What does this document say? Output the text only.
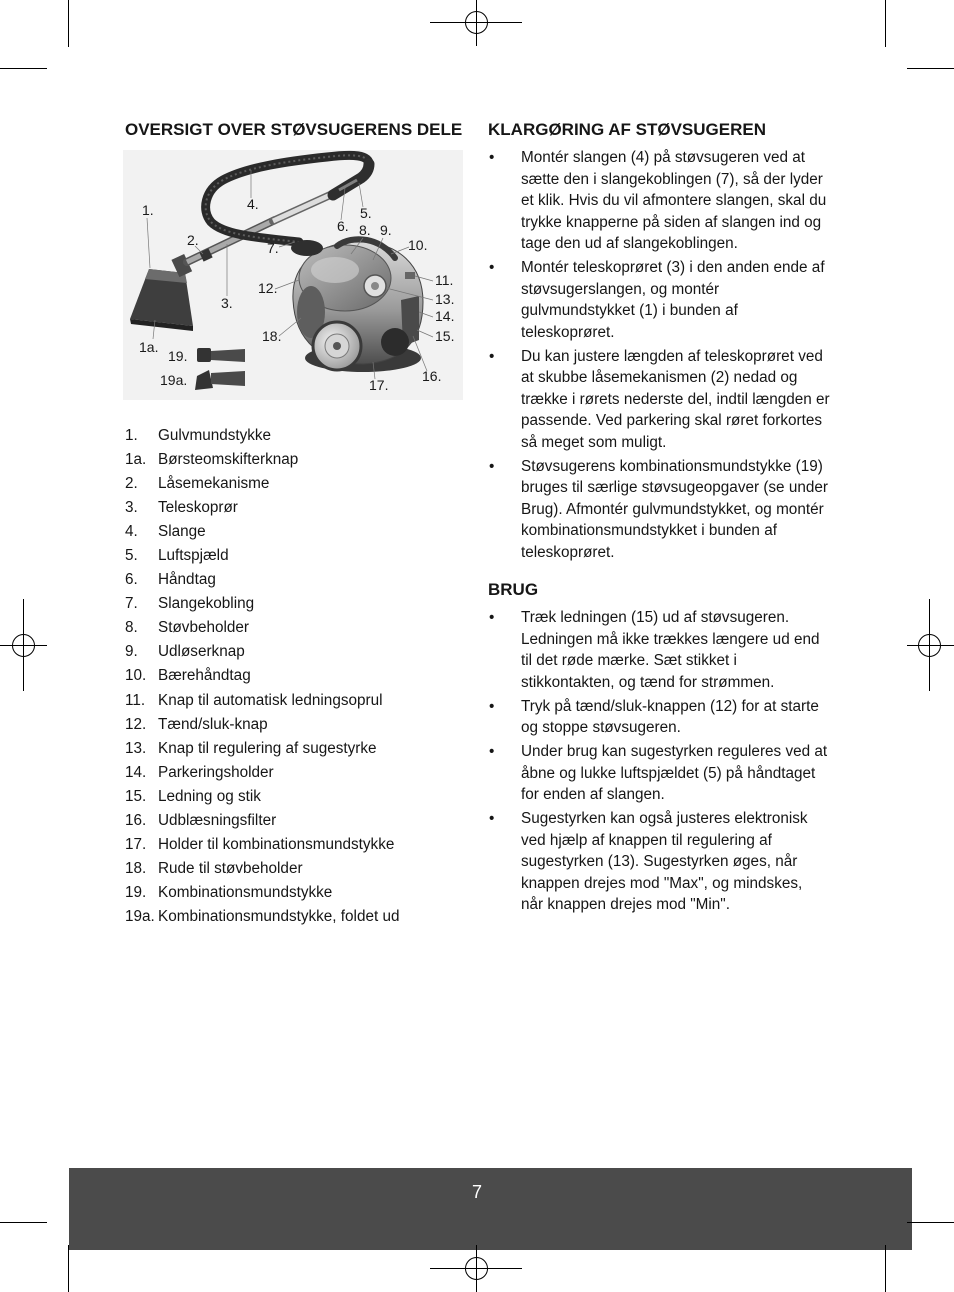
OVERSIGT OVER STØVSUGERENS DELE
1.
1a.
2.
3.
4.
5.
6.
7.
8. 9.
10.
11.
12.
13.
14.
15.
16.
17.
18.
19.
19a.
1. Gulvmundstykke
1a. Børsteomskifterknap
2. Låsemekanisme
3. Teleskoprør
4. Slange
5. Luftspjæld
6. Håndtag
7. Slangekobling
8. Støvbeholder
9. Udløserknap
10. Bærehåndtag
11. Knap til automatisk ledningsoprul
12. Tænd/sluk-knap
13. Knap til regulering af sugestyrke
14. Parkeringsholder
15. Ledning og stik
16. Udblæsningsfilter
17. Holder til kombinationsmundstykke
18. Rude til støvbeholder
19. Kombinationsmundstykke
19a. Kombinationsmundstykke, foldet ud
KLARGØRING AF STØVSUGEREN
• Montér slangen (4) på støvsugeren ved at
sætte den i slangekoblingen (7), så der lyder
et klik. Hvis du vil afmontere slangen, skal du
trykke knapperne på siden af slangen ind og
tage den ud af slangekoblingen.
• Montér teleskoprøret (3) i den anden ende af
støvsugerslangen, og montér
gulvmundstykket (1) i bunden af
teleskoprøret.
• Du kan justere længden af teleskoprøret ved
at skubbe låsemekanismen (2) nedad og
trække i rørets nederste del, indtil længden er
passende. Ved parkering skal røret forkortes
så meget som muligt.
• Støvsugerens kombinationsmundstykke (19)
bruges til særlige støvsugeopgaver (se under
Brug). Afmontér gulvmundstykket, og montér
kombinationsmundstykket i bunden af
teleskoprøret.
BRUG
• Træk ledningen (15) ud af støvsugeren.
Ledningen må ikke trækkes længere ud end
til det røde mærke. Sæt stikket i
stikkontakten, og tænd for strømmen.
• Tryk på tænd/sluk-knappen (12) for at starte
og stoppe støvsugeren.
• Under brug kan sugestyrken reguleres ved at
åbne og lukke luftspjældet (5) på håndtaget
for enden af slangen.
• Sugestyrken kan også justeres elektronisk
ved hjælp af knappen til regulering af
sugestyrken (13). Sugestyrken øges, når
knappen drejes mod "Max", og mindskes,
når knappen drejes mod "Min".
7
